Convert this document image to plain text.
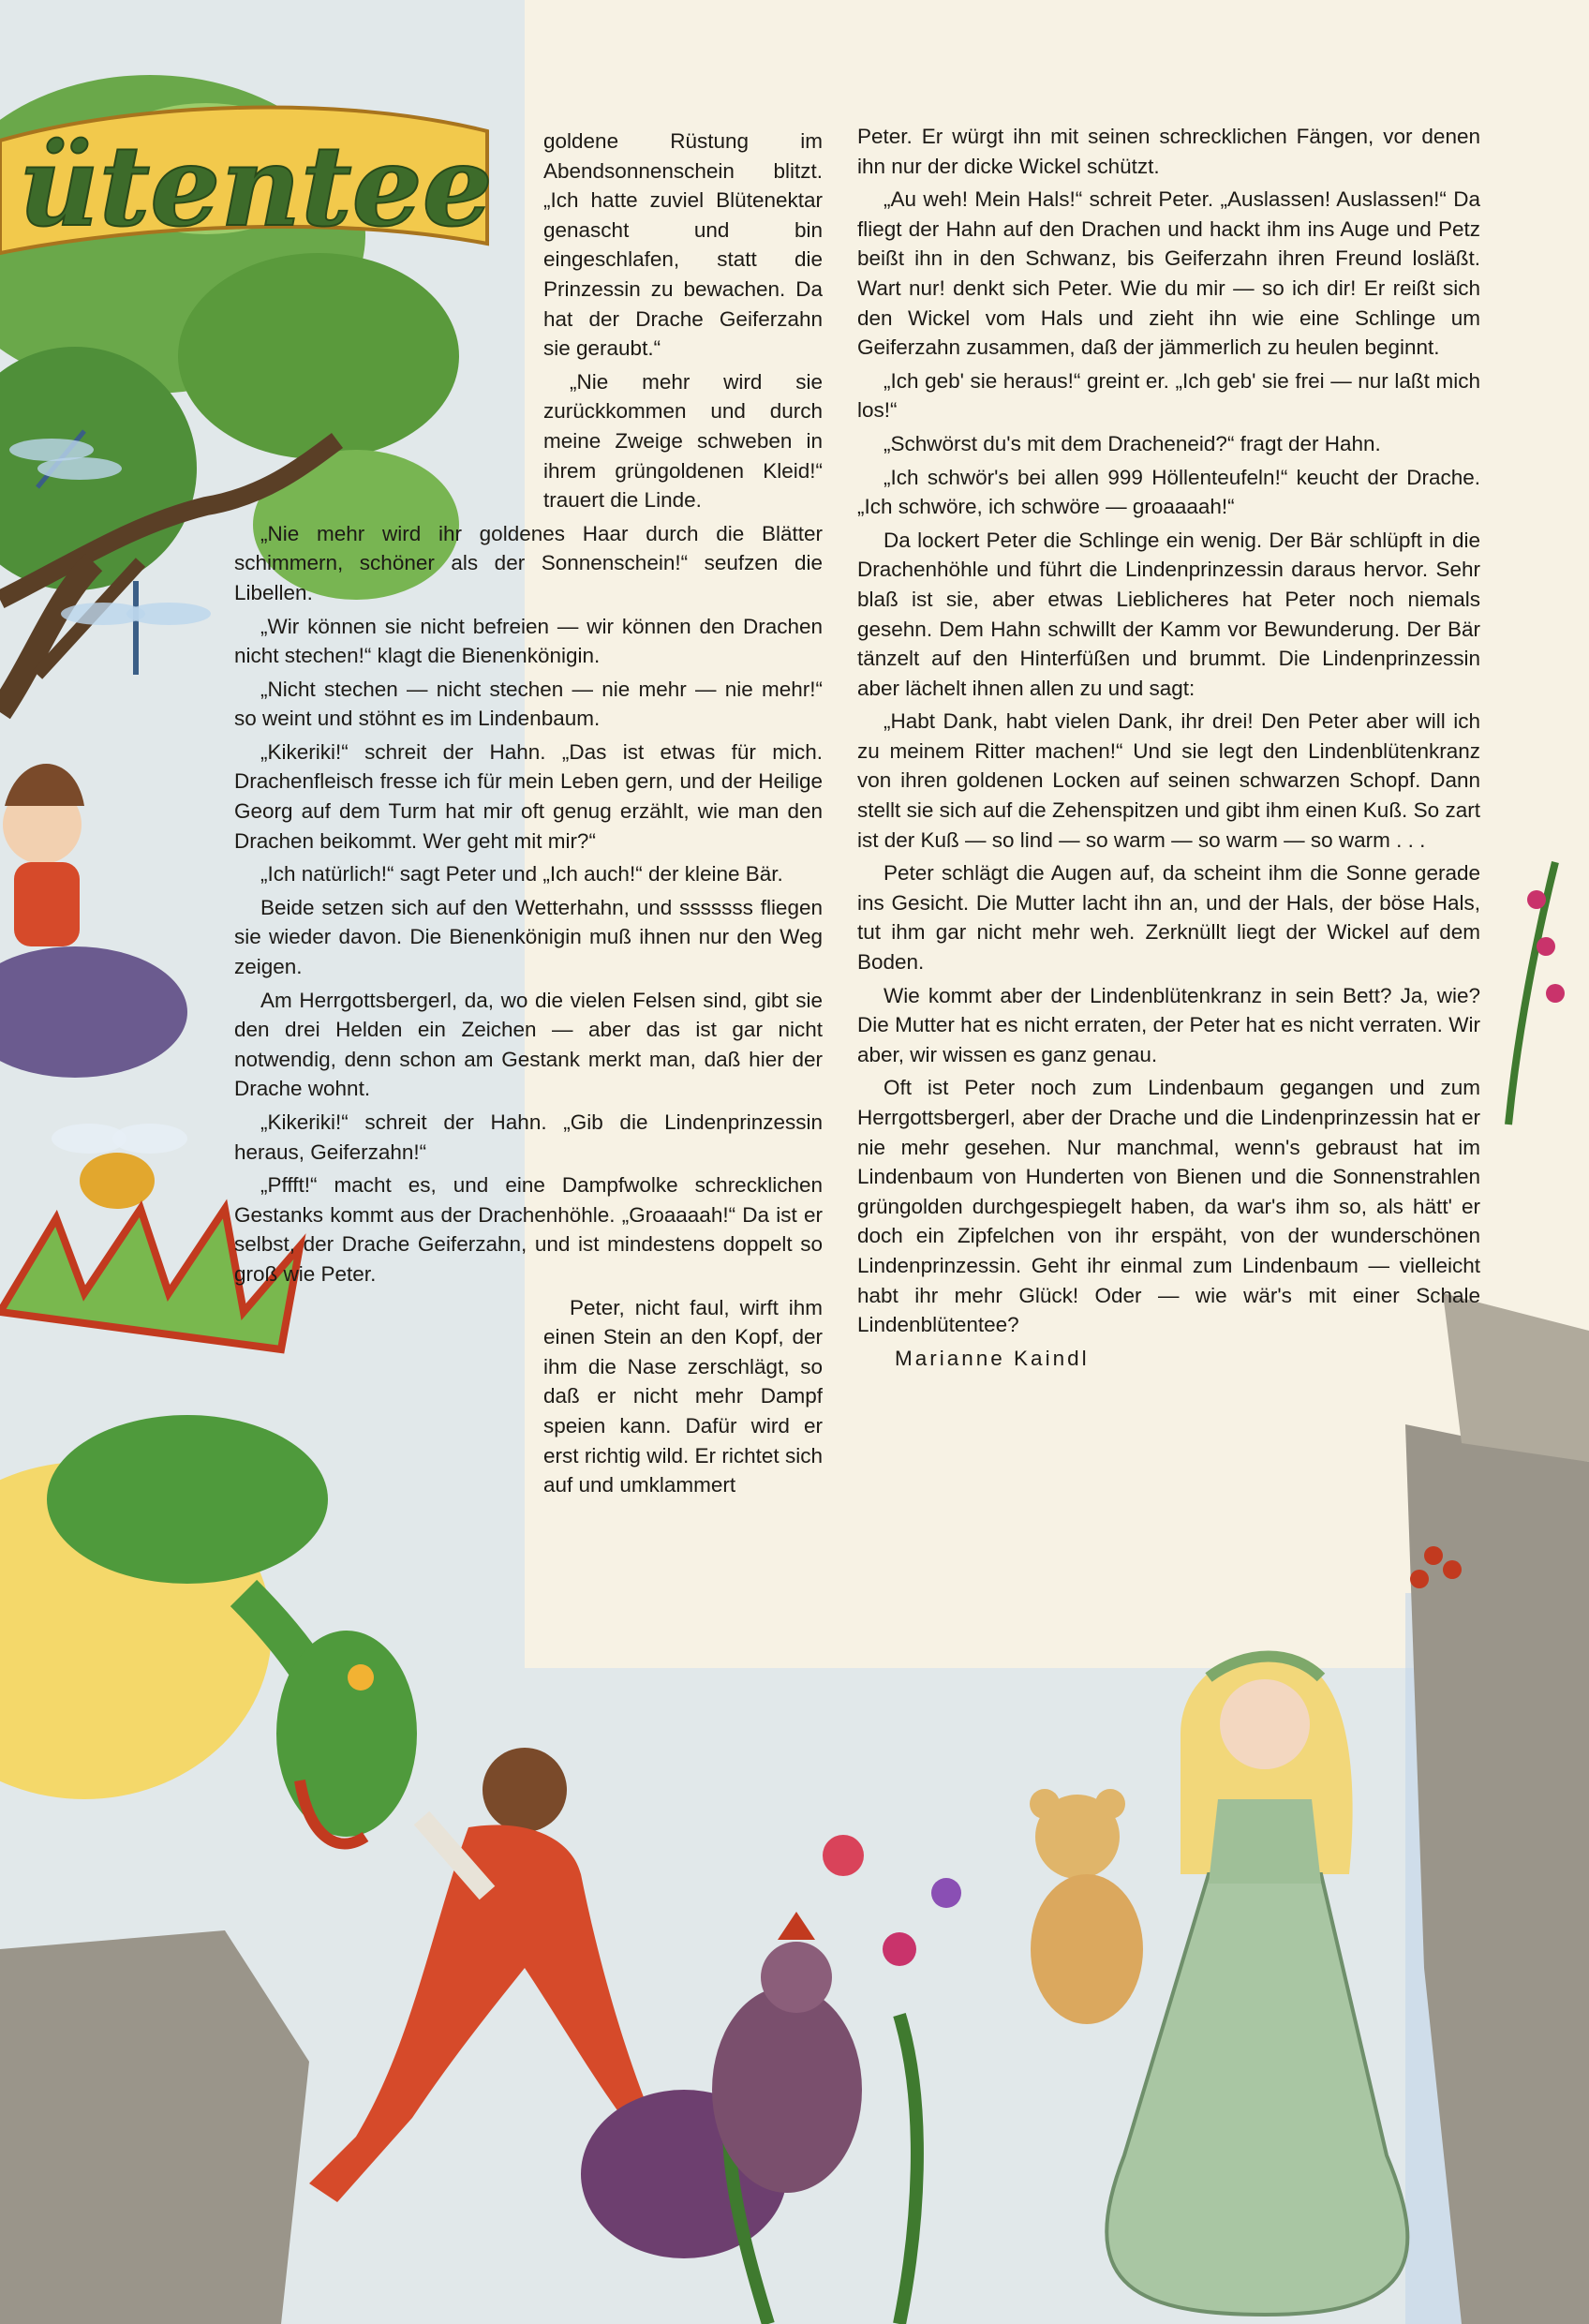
ütentee goldene Rüstung im Abendsonnenschein blitzt. „Ich hatte zuviel Blütenektar genascht und bin eingeschlafen, statt die Prinzessin zu bewachen. Da hat der Drache Geiferzahn sie geraubt.“

„Nie mehr wird sie zurückkommen und durch meine Zweige schweben in ihrem grüngoldenen Kleid!“ trauert die Linde.

„Nie mehr wird ihr goldenes Haar durch die Blätter schimmern, schöner als der Sonnenschein!“ seufzen die Libellen.

„Wir können sie nicht befreien — wir können den Drachen nicht stechen!“ klagt die Bienenkönigin.

„Nicht stechen — nicht stechen — nie mehr — nie mehr!“ so weint und stöhnt es im Lindenbaum.

„Kikeriki!“ schreit der Hahn. „Das ist etwas für mich. Drachenfleisch fresse ich für mein Leben gern, und der Heilige Georg auf dem Turm hat mir oft genug erzählt, wie man den Drachen beikommt. Wer geht mit mir?“

„Ich natürlich!“ sagt Peter und „Ich auch!“ der kleine Bär.

Beide setzen sich auf den Wetterhahn, und sssssss fliegen sie wieder davon. Die Bienenkönigin muß ihnen nur den Weg zeigen.

Am Herrgottsbergerl, da, wo die vielen Felsen sind, gibt sie den drei Helden ein Zeichen — aber das ist gar nicht notwendig, denn schon am Gestank merkt man, daß hier der Drache wohnt.

„Kikeriki!“ schreit der Hahn. „Gib die Lindenprinzessin heraus, Geiferzahn!“

„Pffft!“ macht es, und eine Dampfwolke schrecklichen Gestanks kommt aus der Drachenhöhle. „Groaaaah!“ Da ist er selbst, der Drache Geiferzahn, und ist mindestens doppelt so groß wie Peter.

Peter, nicht faul, wirft ihm einen Stein an den Kopf, der ihm die Nase zerschlägt, so daß er nicht mehr Dampf speien kann. Dafür wird er erst richtig wild. Er richtet sich auf und umklammert

Peter. Er würgt ihn mit seinen schrecklichen Fängen, vor denen ihn nur der dicke Wickel schützt.

„Au weh! Mein Hals!“ schreit Peter. „Auslassen! Auslassen!“ Da fliegt der Hahn auf den Drachen und hackt ihm ins Auge und Petz beißt ihn in den Schwanz, bis Geiferzahn ihren Freund losläßt. Wart nur! denkt sich Peter. Wie du mir — so ich dir! Er reißt sich den Wickel vom Hals und zieht ihn wie eine Schlinge um Geiferzahn zusammen, daß der jämmerlich zu heulen beginnt.

„Ich geb' sie heraus!“ greint er. „Ich geb' sie frei — nur laßt mich los!“

„Schwörst du's mit dem Dracheneid?“ fragt der Hahn.

„Ich schwör's bei allen 999 Höllenteufeln!“ keucht der Drache. „Ich schwöre, ich schwöre — groaaaah!“

Da lockert Peter die Schlinge ein wenig. Der Bär schlüpft in die Drachenhöhle und führt die Lindenprinzessin daraus hervor. Sehr blaß ist sie, aber etwas Lieblicheres hat Peter noch niemals gesehn. Dem Hahn schwillt der Kamm vor Bewunderung. Der Bär tänzelt auf den Hinterfüßen und brummt. Die Lindenprinzessin aber lächelt ihnen allen zu und sagt:

„Habt Dank, habt vielen Dank, ihr drei! Den Peter aber will ich zu meinem Ritter machen!“ Und sie legt den Lindenblütenkranz von ihren goldenen Locken auf seinen schwarzen Schopf. Dann stellt sie sich auf die Zehenspitzen und gibt ihm einen Kuß. So zart ist der Kuß — so lind — so warm — so warm — so warm . . .

Peter schlägt die Augen auf, da scheint ihm die Sonne gerade ins Gesicht. Die Mutter lacht ihn an, und der Hals, der böse Hals, tut ihm gar nicht mehr weh. Zerknüllt liegt der Wickel auf dem Boden.

Wie kommt aber der Lindenblütenkranz in sein Bett? Ja, wie? Die Mutter hat es nicht erraten, der Peter hat es nicht verraten. Wir aber, wir wissen es ganz genau.

Oft ist Peter noch zum Lindenbaum gegangen und zum Herrgottsbergerl, aber der Drache und die Lindenprinzessin hat er nie mehr gesehen. Nur manchmal, wenn's gebraust hat im Lindenbaum von Hunderten von Bienen und die Sonnenstrahlen grüngolden durchgespiegelt haben, da war's ihm so, als hätt' er doch ein Zipfelchen von ihr erspäht, von der wunderschönen Lindenprinzessin. Geht ihr einmal zum Lindenbaum — vielleicht habt ihr mehr Glück! Oder — wie wär's mit einer Schale Lindenblütentee?

Marianne Kaindl
